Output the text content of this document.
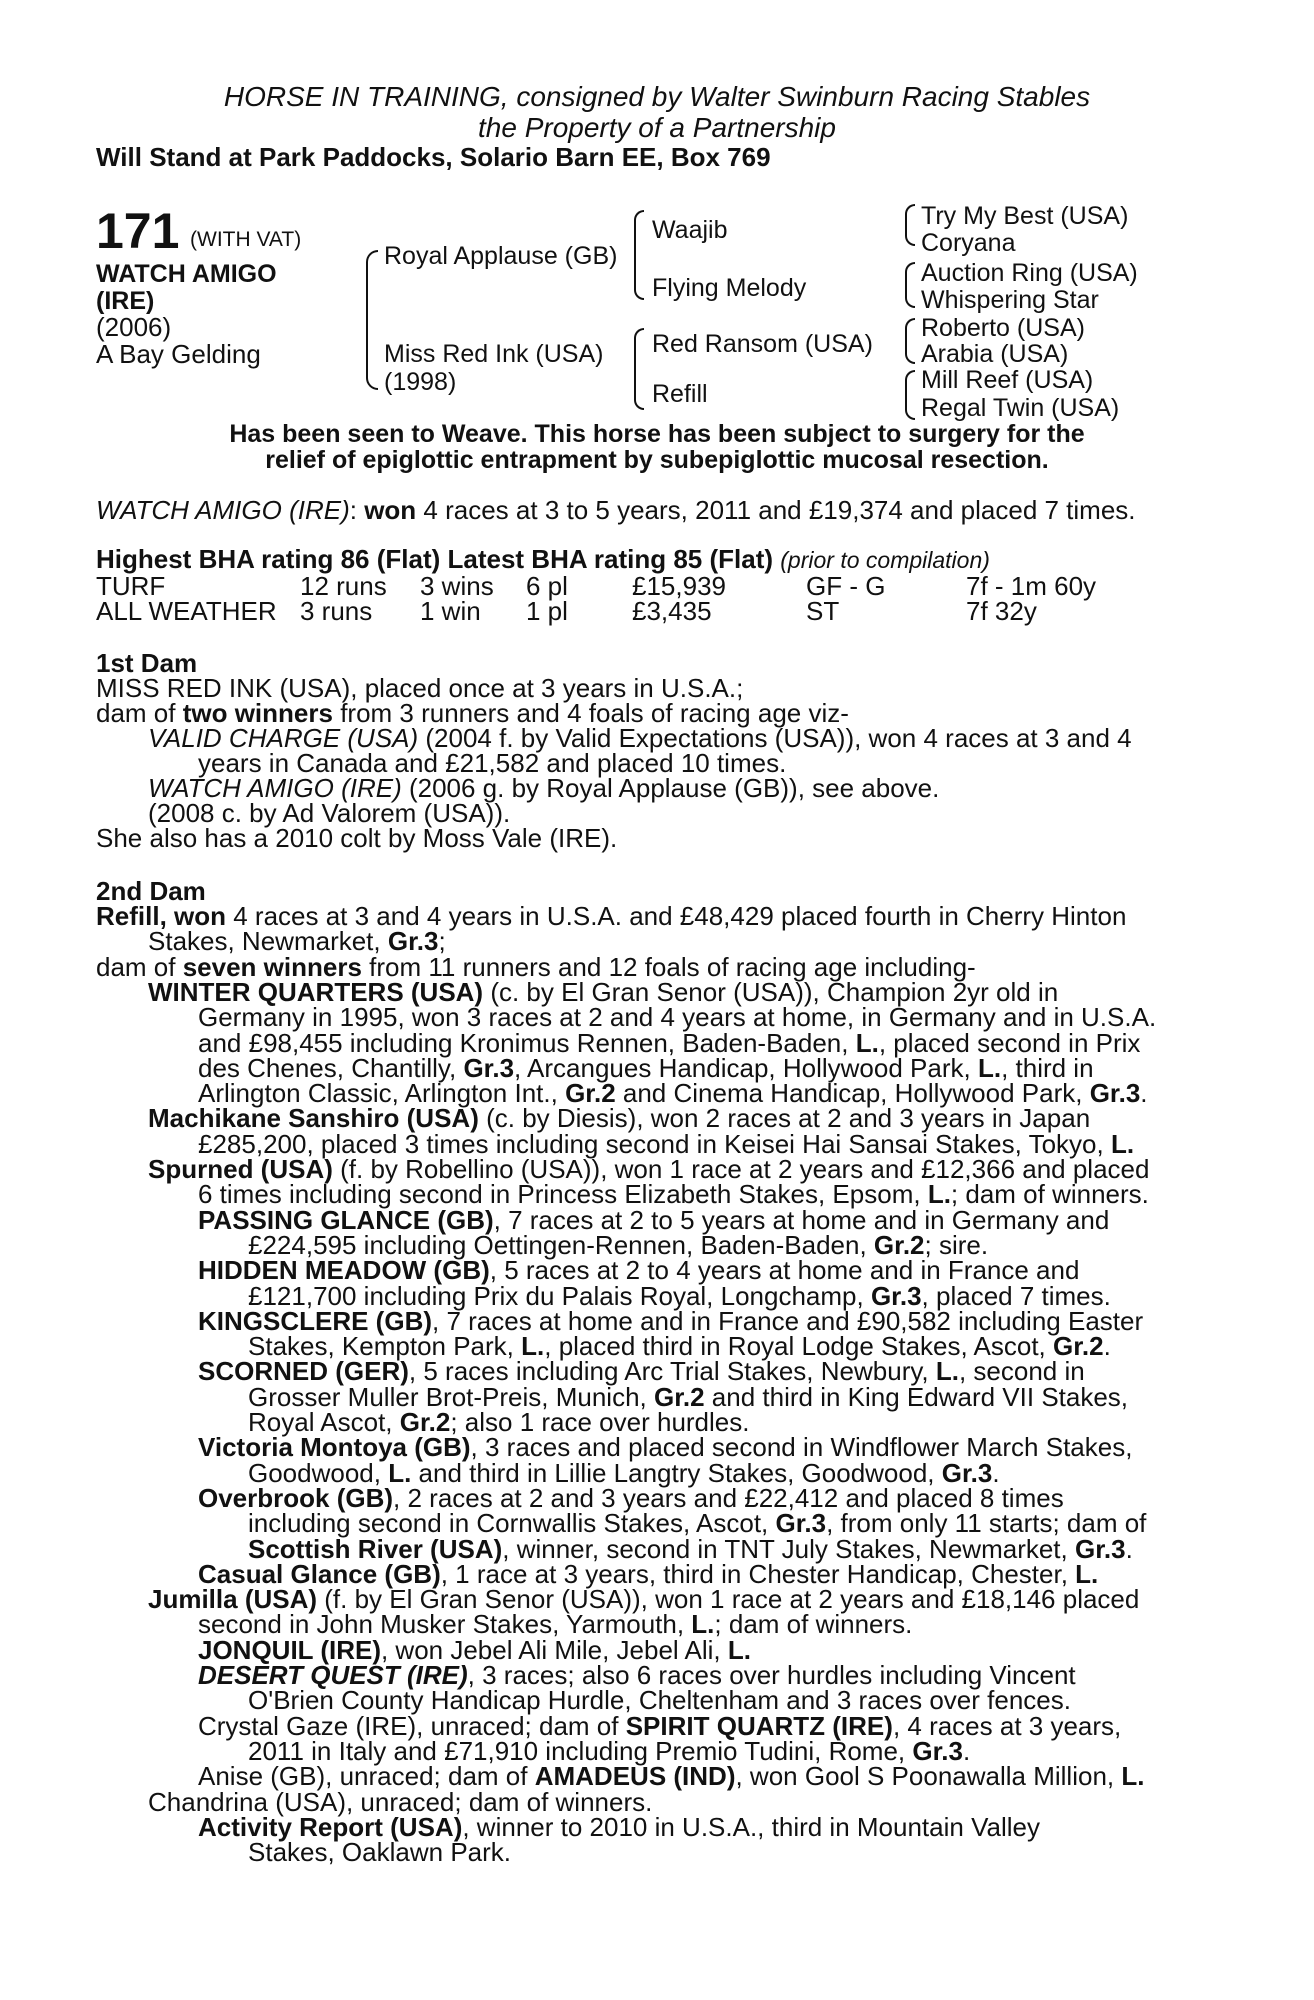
HORSE IN TRAINING, consigned by Walter Swinburn Racing Stables
the Property of a Partnership
Will Stand at Park Paddocks, Solario Barn EE, Box 769
171 (WITH VAT)
WATCH AMIGO
(IRE)
(2006)
A Bay Gelding
Royal Applause (GB)
Miss Red Ink (USA)
(1998)
Waajib
Flying Melody
Red Ransom (USA)
Refill
Try My Best (USA)
Coryana
Auction Ring (USA)
Whispering Star
Roberto (USA)
Arabia (USA)
Mill Reef (USA)
Regal Twin (USA)
Has been seen to Weave. This horse has been subject to surgery for the
relief of epiglottic entrapment by subepiglottic mucosal resection.
WATCH AMIGO (IRE): won 4 races at 3 to 5 years, 2011 and £19,374 and placed 7 times.
Highest BHA rating 86 (Flat) Latest BHA rating 85 (Flat) (prior to compilation)
TURF	12 runs 3 wins 6 pl £15,939	GF - G	7f - 1m 60y
ALL WEATHER 3 runs 1 win 1 pl £3,435	ST	7f 32y
1st Dam
MISS RED INK (USA), placed once at 3 years in U.S.A.;
dam of two winners from 3 runners and 4 foals of racing age viz-
VALID CHARGE (USA) (2004 f. by Valid Expectations (USA)), won 4 races at 3 and 4
years in Canada and £21,582 and placed 10 times.
WATCH AMIGO (IRE) (2006 g. by Royal Applause (GB)), see above.
(2008 c. by Ad Valorem (USA)).
She also has a 2010 colt by Moss Vale (IRE).
2nd Dam
Refill, won 4 races at 3 and 4 years in U.S.A. and £48,429 placed fourth in Cherry Hinton
Stakes, Newmarket, Gr.3;
dam of seven winners from 11 runners and 12 foals of racing age including-
WINTER QUARTERS (USA) (c. by El Gran Senor (USA)), Champion 2yr old in
Germany in 1995, won 3 races at 2 and 4 years at home, in Germany and in U.S.A.
and £98,455 including Kronimus Rennen, Baden-Baden, L., placed second in Prix
des Chenes, Chantilly, Gr.3, Arcangues Handicap, Hollywood Park, L., third in
Arlington Classic, Arlington Int., Gr.2 and Cinema Handicap, Hollywood Park, Gr.3.
Machikane Sanshiro (USA) (c. by Diesis), won 2 races at 2 and 3 years in Japan
£285,200, placed 3 times including second in Keisei Hai Sansai Stakes, Tokyo, L.
Spurned (USA) (f. by Robellino (USA)), won 1 race at 2 years and £12,366 and placed
6 times including second in Princess Elizabeth Stakes, Epsom, L.; dam of winners.
PASSING GLANCE (GB), 7 races at 2 to 5 years at home and in Germany and
£224,595 including Oettingen-Rennen, Baden-Baden, Gr.2; sire.
HIDDEN MEADOW (GB), 5 races at 2 to 4 years at home and in France and
£121,700 including Prix du Palais Royal, Longchamp, Gr.3, placed 7 times.
KINGSCLERE (GB), 7 races at home and in France and £90,582 including Easter
Stakes, Kempton Park, L., placed third in Royal Lodge Stakes, Ascot, Gr.2.
SCORNED (GER), 5 races including Arc Trial Stakes, Newbury, L., second in
Grosser Muller Brot-Preis, Munich, Gr.2 and third in King Edward VII Stakes,
Royal Ascot, Gr.2; also 1 race over hurdles.
Victoria Montoya (GB), 3 races and placed second in Windflower March Stakes,
Goodwood, L. and third in Lillie Langtry Stakes, Goodwood, Gr.3.
Overbrook (GB), 2 races at 2 and 3 years and £22,412 and placed 8 times
including second in Cornwallis Stakes, Ascot, Gr.3, from only 11 starts; dam of
Scottish River (USA), winner, second in TNT July Stakes, Newmarket, Gr.3.
Casual Glance (GB), 1 race at 3 years, third in Chester Handicap, Chester, L.
Jumilla (USA) (f. by El Gran Senor (USA)), won 1 race at 2 years and £18,146 placed
second in John Musker Stakes, Yarmouth, L.; dam of winners.
JONQUIL (IRE), won Jebel Ali Mile, Jebel Ali, L.
DESERT QUEST (IRE), 3 races; also 6 races over hurdles including Vincent
O'Brien County Handicap Hurdle, Cheltenham and 3 races over fences.
Crystal Gaze (IRE), unraced; dam of SPIRIT QUARTZ (IRE), 4 races at 3 years,
2011 in Italy and £71,910 including Premio Tudini, Rome, Gr.3.
Anise (GB), unraced; dam of AMADEUS (IND), won Gool S Poonawalla Million, L.
Chandrina (USA), unraced; dam of winners.
Activity Report (USA), winner to 2010 in U.S.A., third in Mountain Valley
Stakes, Oaklawn Park.
